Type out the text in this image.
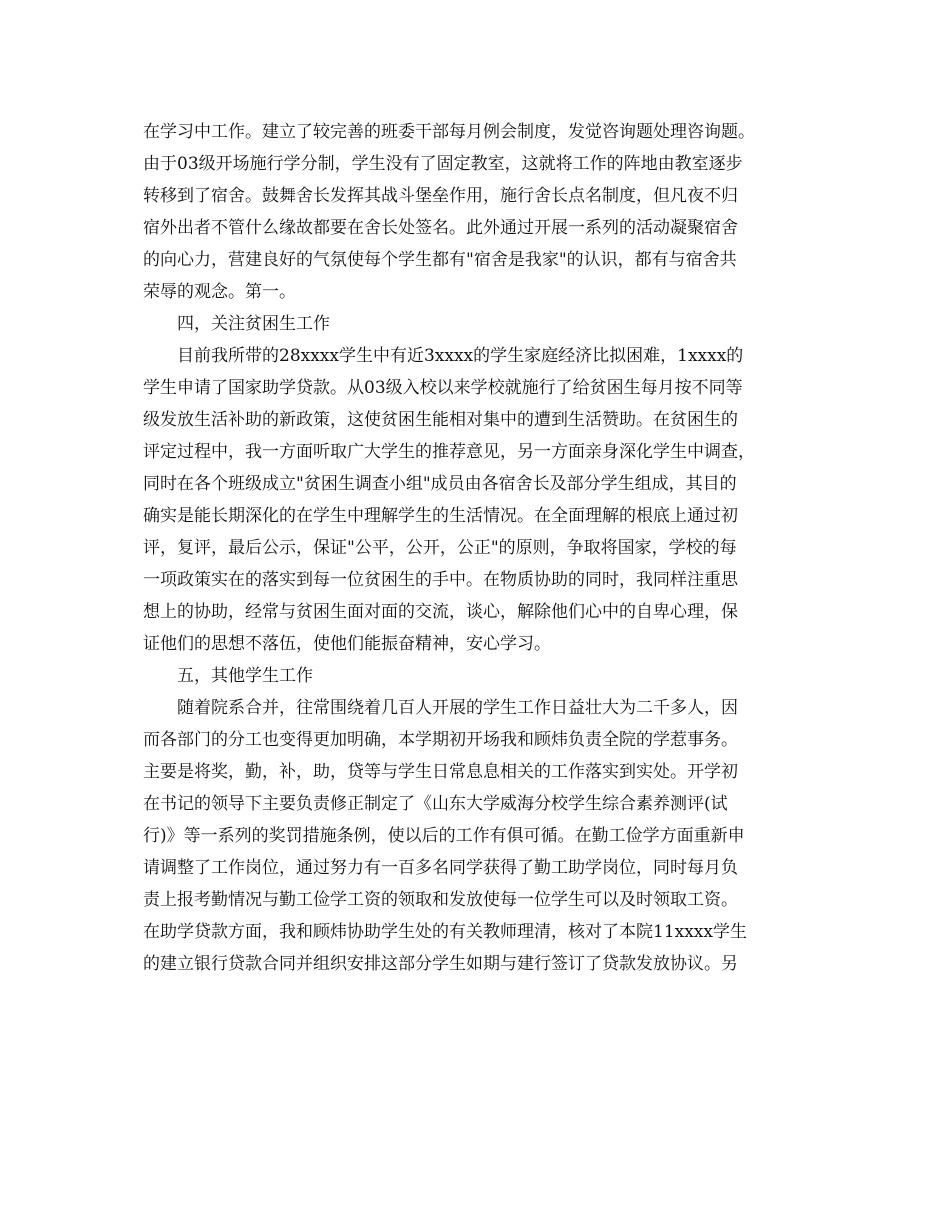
在学习中工作。建立了较完善的班委干部每月例会制度，发觉咨询题处理咨询题。
由于03级开场施行学分制，学生没有了固定教室，这就将工作的阵地由教室逐步
转移到了宿舍。鼓舞舍长发挥其战斗堡垒作用，施行舍长点名制度，但凡夜不归
宿外出者不管什么缘故都要在舍长处签名。此外通过开展一系列的活动凝聚宿舍
的向心力，营建良好的气氛使每个学生都有"宿舍是我家"的认识，都有与宿舍共
荣辱的观念。第一。
四，关注贫困生工作
目前我所带的28xxxx学生中有近3xxxx的学生家庭经济比拟困难，1xxxx的
学生申请了国家助学贷款。从03级入校以来学校就施行了给贫困生每月按不同等
级发放生活补助的新政策，这使贫困生能相对集中的遭到生活赞助。在贫困生的
评定过程中，我一方面听取广大学生的推荐意见，另一方面亲身深化学生中调查，
同时在各个班级成立"贫困生调查小组"成员由各宿舍长及部分学生组成，其目的
确实是能长期深化的在学生中理解学生的生活情况。在全面理解的根底上通过初
评，复评，最后公示，保证"公平，公开，公正"的原则，争取将国家，学校的每
一项政策实在的落实到每一位贫困生的手中。在物质协助的同时，我同样注重思
想上的协助，经常与贫困生面对面的交流，谈心，解除他们心中的自卑心理，保
证他们的思想不落伍，使他们能振奋精神，安心学习。
五，其他学生工作
随着院系合并，往常围绕着几百人开展的学生工作日益壮大为二千多人，因
而各部门的分工也变得更加明确，本学期初开场我和顾炜负责全院的学惹事务。
主要是将奖，勤，补，助，贷等与学生日常息息相关的工作落实到实处。开学初
在书记的领导下主要负责修正制定了《山东大学威海分校学生综合素养测评(试
行)》等一系列的奖罚措施条例，使以后的工作有俱可循。在勤工俭学方面重新申
请调整了工作岗位，通过努力有一百多名同学获得了勤工助学岗位，同时每月负
责上报考勤情况与勤工俭学工资的领取和发放使每一位学生可以及时领取工资。
在助学贷款方面，我和顾炜协助学生处的有关教师理清，核对了本院11xxxx学生
的建立银行贷款合同并组织安排这部分学生如期与建行签订了贷款发放协议。另
